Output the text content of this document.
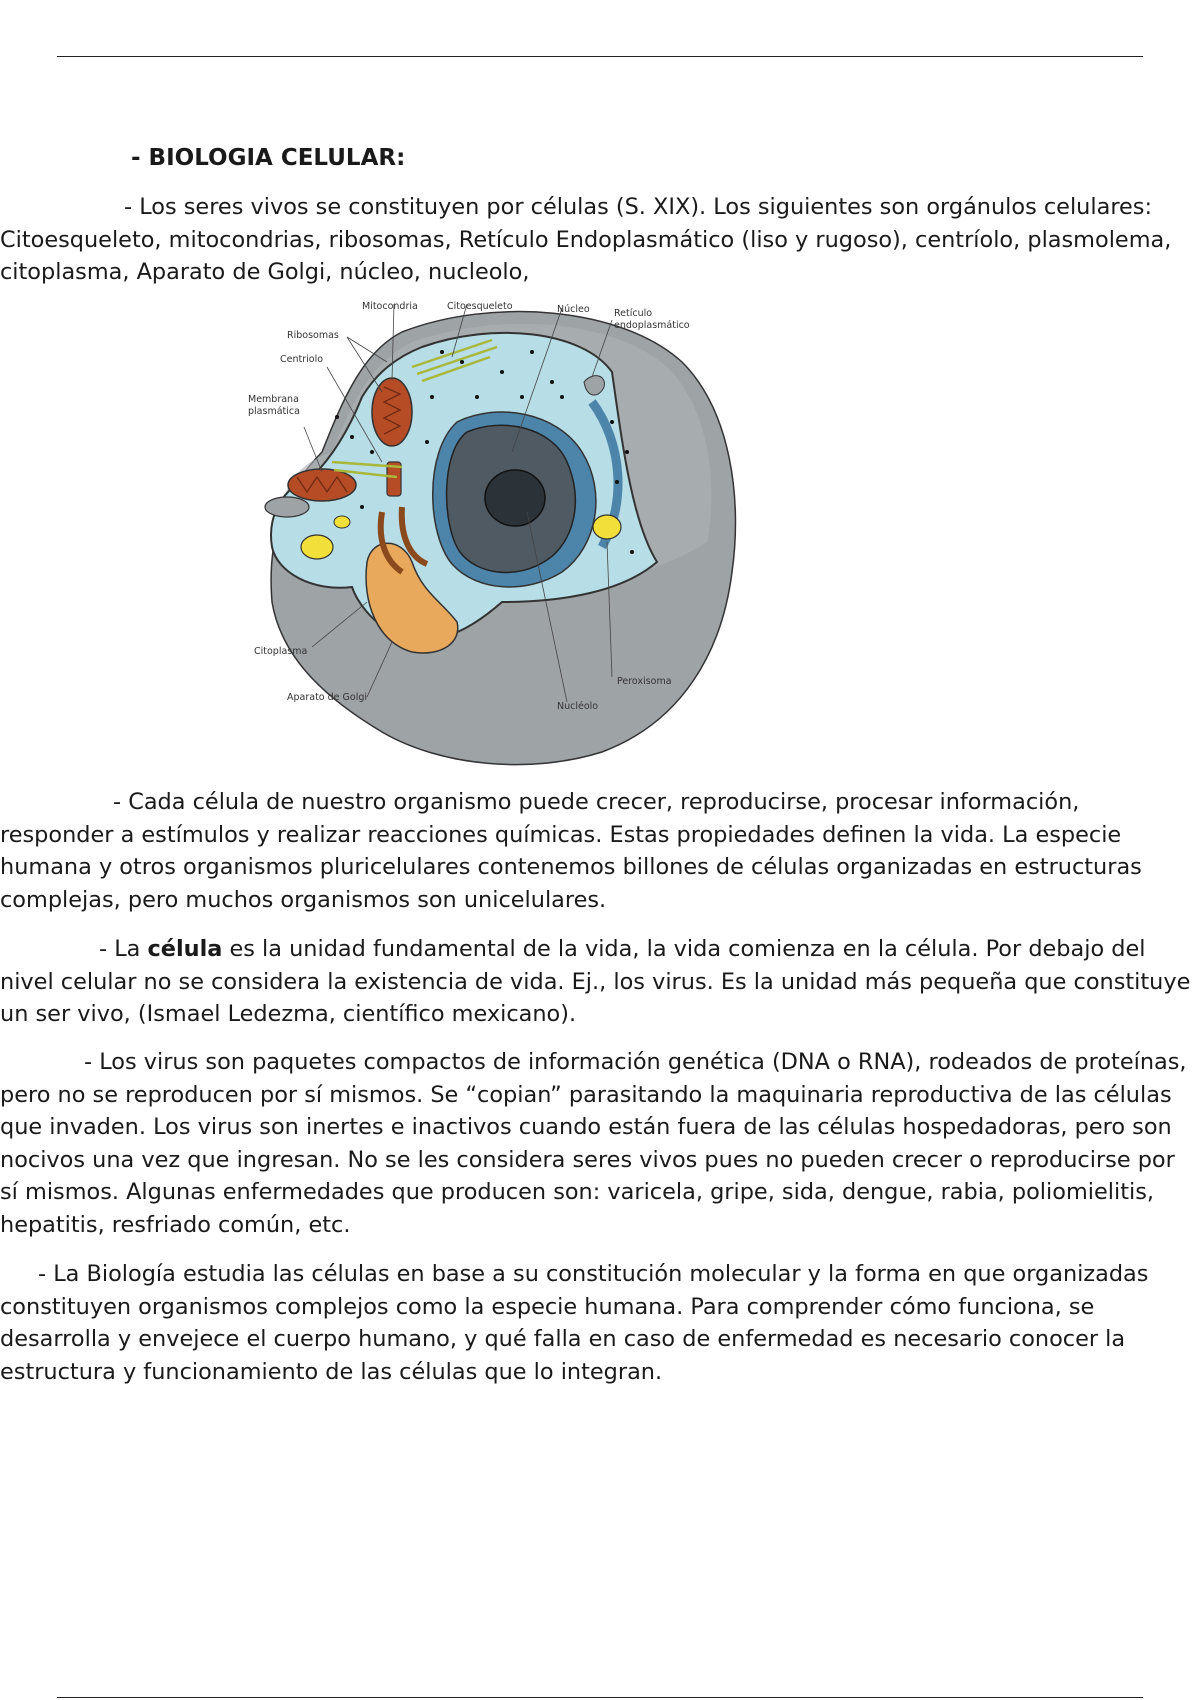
- BIOLOGIA CELULAR:

- Los seres vivos se constituyen por células (S. XIX). Los siguientes son orgánulos celulares: Citoesqueleto, mitocondrias, ribosomas, Retículo Endoplasmático (liso y rugoso), centríolo, plasmolema, citoplasma, Aparato de Golgi, núcleo, nucleolo,

Mitocondria	Citoesqueleto	Núcleo	Retículo
endoplasmático
Ribosomas
Centriolo
Membrana
plasmática
Citoplasma
Peroxisoma
Aparato de Golgi
Nucléolo

- Cada célula de nuestro organismo puede crecer, reproducirse, procesar información, responder a estímulos y realizar reacciones químicas. Estas propiedades definen la vida. La especie humana y otros organismos pluricelulares contenemos billones de células organizadas en estructuras complejas, pero muchos organismos son unicelulares.

- La célula es la unidad fundamental de la vida, la vida comienza en la célula. Por debajo del nivel celular no se considera la existencia de vida. Ej., los virus. Es la unidad más pequeña que constituye un ser vivo, (Ismael Ledezma, científico mexicano).

- Los virus son paquetes compactos de información genética (DNA o RNA), rodeados de proteínas, pero no se reproducen por sí mismos. Se “copian” parasitando la maquinaria reproductiva de las células que invaden. Los virus son inertes e inactivos cuando están fuera de las células hospedadoras, pero son nocivos una vez que ingresan. No se les considera seres vivos pues no pueden crecer o reproducirse por sí mismos. Algunas enfermedades que producen son: varicela, gripe, sida, dengue, rabia, poliomielitis, hepatitis, resfriado común, etc.

- La Biología estudia las células en base a su constitución molecular y la forma en que organizadas constituyen organismos complejos como la especie humana. Para comprender cómo funciona, se desarrolla y envejece el cuerpo humano, y qué falla en caso de enfermedad es necesario conocer la estructura y funcionamiento de las células que lo integran.
